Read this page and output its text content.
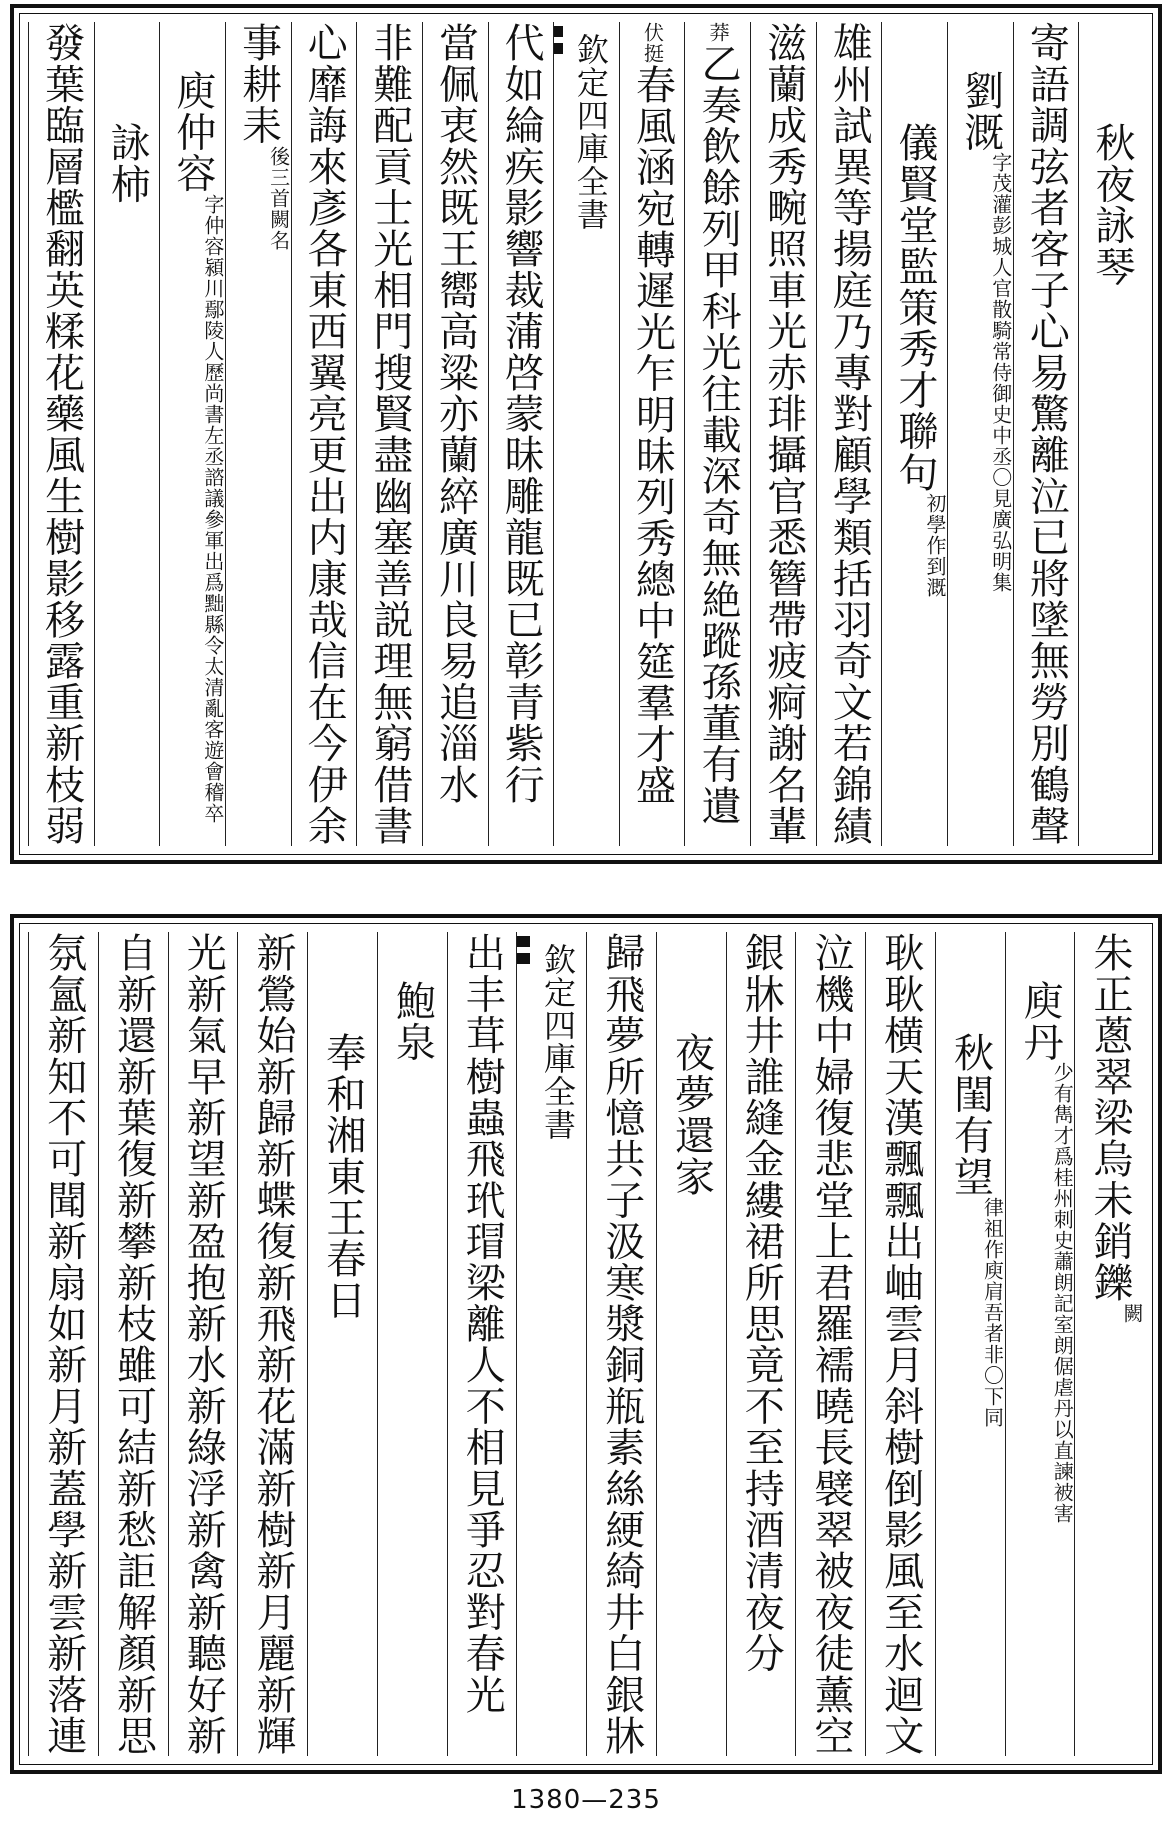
秋夜詠琴
寄語調弦者客子心易驚離泣已將墜無勞別鶴聲
劉溉字茂灌彭城人官散騎常侍御史中丞〇見廣弘明集
儀賢堂監策秀才聯句初學作到溉
雄州試異等揚庭乃專對顧學類括羽奇文若錦績
滋蘭成秀畹照車光赤琲攝官悉簪帶疲痾謝名輩
莽乙奏飲餘列甲科光往載深奇無絶蹤孫董有遺
伏挺春風涵宛轉遲光乍明昧列秀總中筵羣才盛
欽定四庫全書
代如綸疾影響裁蒲啓蒙昧雕龍既已彰青紫行
當佩衷然既王嚮高粱亦蘭綷廣川良易追淄水
非難配貢士光相門搜賢盡幽塞善説理無窮借書
心靡誨來彥各東西翼亮更出内康哉信在今伊余
事耕耒後三首闕名
庾仲容字仲容潁川鄢陵人歷尚書左丞諮議參軍出爲黜縣令太清亂客遊會稽卒
詠柿
發葉臨層檻翻英糅花藥風生樹影移露重新枝弱
朱正蔥翠梁烏未銷鑠闕
庾丹少有雋才爲桂州刺史蕭朗記室朗倨虐丹以直諫被害
秋閨有望律祖作庾肩吾者非〇下同
耿耿横天漢飄飄出岫雲月斜樹倒影風至水迴文
泣機中婦復悲堂上君羅襦曉長襞翠被夜徒薰空
銀牀井誰縫金縷裙所思竟不至持酒清夜分
夜夢還家
歸飛夢所憶共子汲寒漿銅瓶素絲綆綺井白銀牀
欽定四庫全書
出丰茸樹蟲飛玳瑁梁離人不相見爭忍對春光
鮑泉
奉和湘東王春日
新鶯始新歸新蝶復新飛新花滿新樹新月麗新輝
光新氣早新望新盈抱新水新綠浮新禽新聽好新
自新還新葉復新攀新枝雖可結新愁詎解顏新思
氛氳新知不可聞新扇如新月新蓋學新雲新落連
1380—235
